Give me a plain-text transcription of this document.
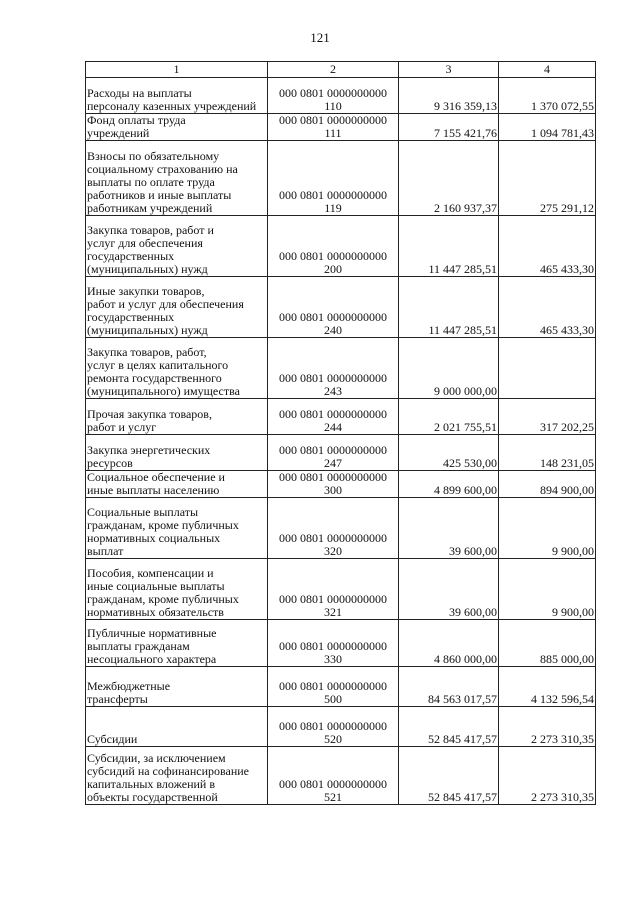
121
1	2	3	4
Расходы на выплаты
персоналу казенных учреждений	000 0801 0000000000
110	9 316 359,13	1 370 072,55
Фонд оплаты труда
учреждений	000 0801 0000000000
111	7 155 421,76	1 094 781,43
Взносы по обязательному
социальному страхованию на
выплаты по оплате труда
работников и иные выплаты
работникам учреждений	000 0801 0000000000
119	2 160 937,37	275 291,12
Закупка товаров, работ и
услуг для обеспечения
государственных
(муниципальных) нужд	000 0801 0000000000
200	11 447 285,51	465 433,30
Иные закупки товаров,
работ и услуг для обеспечения
государственных
(муниципальных) нужд	000 0801 0000000000
240	11 447 285,51	465 433,30
Закупка товаров, работ,
услуг в целях капитального
ремонта государственного
(муниципального) имущества	000 0801 0000000000
243	9 000 000,00	
Прочая закупка товаров,
работ и услуг	000 0801 0000000000
244	2 021 755,51	317 202,25
Закупка энергетических
ресурсов	000 0801 0000000000
247	425 530,00	148 231,05
Социальное обеспечение и
иные выплаты населению	000 0801 0000000000
300	4 899 600,00	894 900,00
Социальные выплаты
гражданам, кроме публичных
нормативных социальных
выплат	000 0801 0000000000
320	39 600,00	9 900,00
Пособия, компенсации и
иные социальные выплаты
гражданам, кроме публичных
нормативных обязательств	000 0801 0000000000
321	39 600,00	9 900,00
Публичные нормативные
выплаты гражданам
несоциального характера	000 0801 0000000000
330	4 860 000,00	885 000,00
Межбюджетные
трансферты	000 0801 0000000000
500	84 563 017,57	4 132 596,54
Субсидии	000 0801 0000000000
520	52 845 417,57	2 273 310,35
Субсидии, за исключением
субсидий на софинансирование
капитальных вложений в
объекты государственной	000 0801 0000000000
521	52 845 417,57	2 273 310,35
